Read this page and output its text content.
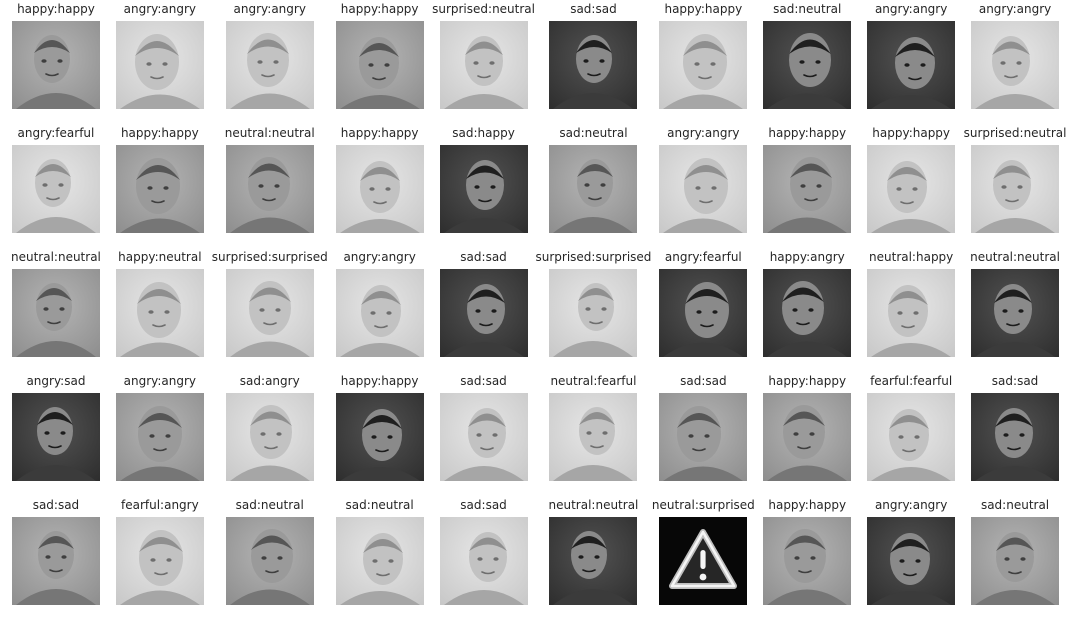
happy:happy angry:angry	angry:angry	happy:happy surprised:neutral	sad:sad	happy:happy	sad:neutral	angry:angry	angry:angry
angry:fearful happy:happy neutral:neutral happy:happy	sad:happy	sad:neutral	angry:angry happy:happy happy:happy surprised:neutral
neutral:neutral happy:neutral surprised:surprised angry:angry	sad:sad surprised:surprised angry:fearful happy:angry neutral:happy neutral:neutral
angry:sad	angry:angry	sad:angry	happy:happy	sad:sad	neutral:fearful	sad:sad	happy:happy fearful:fearful	sad:sad
sad:sad	fearful:angry	sad:neutral	sad:neutral	sad:sad	neutral:neutral neutral:surprised happy:happy angry:angry	sad:neutral
